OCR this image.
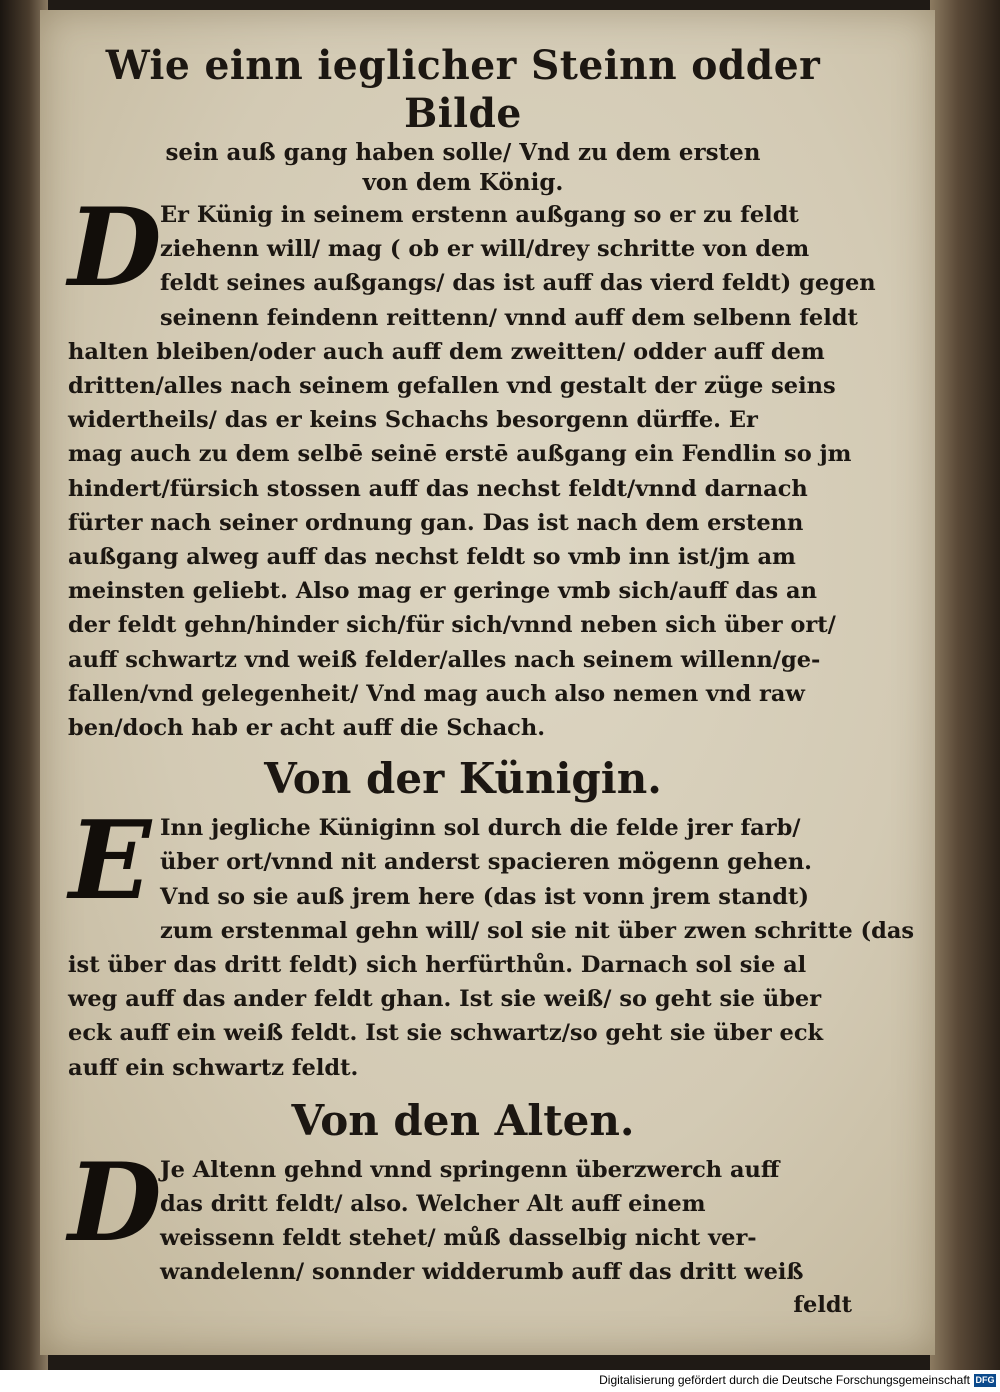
Wie einn ieglicher Steinn odder Bilde
sein auß gang haben solle/ Vnd zu dem ersten
von dem König.
D

Er Künig in seinem erstenn außgang so er zu feldt
ziehenn will/ mag ( ob er will/drey schritte von dem
feldt seines außgangs/ das ist auff das vierd feldt) gegen
seinenn feindenn reittenn/ vnnd auff dem selbenn feldt
halten bleiben/oder auch auff dem zweitten/ odder auff dem
dritten/alles nach seinem gefallen vnd gestalt der züge seins
widertheils/ das er keins Schachs besorgenn dürffe. Er
mag auch zu dem selbē seinē erstē außgang ein Fendlin so jm
hindert/fürsich stossen auff das nechst feldt/vnnd darnach
fürter nach seiner ordnung gan. Das ist nach dem erstenn
außgang alweg auff das nechst feldt so vmb inn ist/jm am
meinsten geliebt. Also mag er geringe vmb sich/auff das an
der feldt gehn/hinder sich/für sich/vnnd neben sich über ort/
auff schwartz vnd weiß felder/alles nach seinem willenn/ge-
fallen/vnd gelegenheit/ Vnd mag auch also nemen vnd raw
ben/doch hab er acht auff die Schach.

Von der Künigin.
E Inn jegliche Küniginn sol durch die felde jrer farb/
über ort/vnnd nit anderst spacieren mögenn gehen.
Vnd so sie auß jrem here (das ist vonn jrem standt)
zum erstenmal gehn will/ sol sie nit über zwen schritte (das
ist über das dritt feldt) sich herfürthůn. Darnach sol sie al
weg auff das ander feldt ghan. Ist sie weiß/ so geht sie über
eck auff ein weiß feldt. Ist sie schwartz/so geht sie über eck
auff ein schwartz feldt.

Von den Alten.
D

Je Altenn gehnd vnnd springenn überzwerch auff
das dritt feldt/ also. Welcher Alt auff einem
weissenn feldt stehet/ můß dasselbig nicht ver-
wandelenn/ sonnder widderumb auff das dritt weiß

feldt
Digitalisierung gefördert durch die Deutsche Forschungsgemeinschaft DFG
